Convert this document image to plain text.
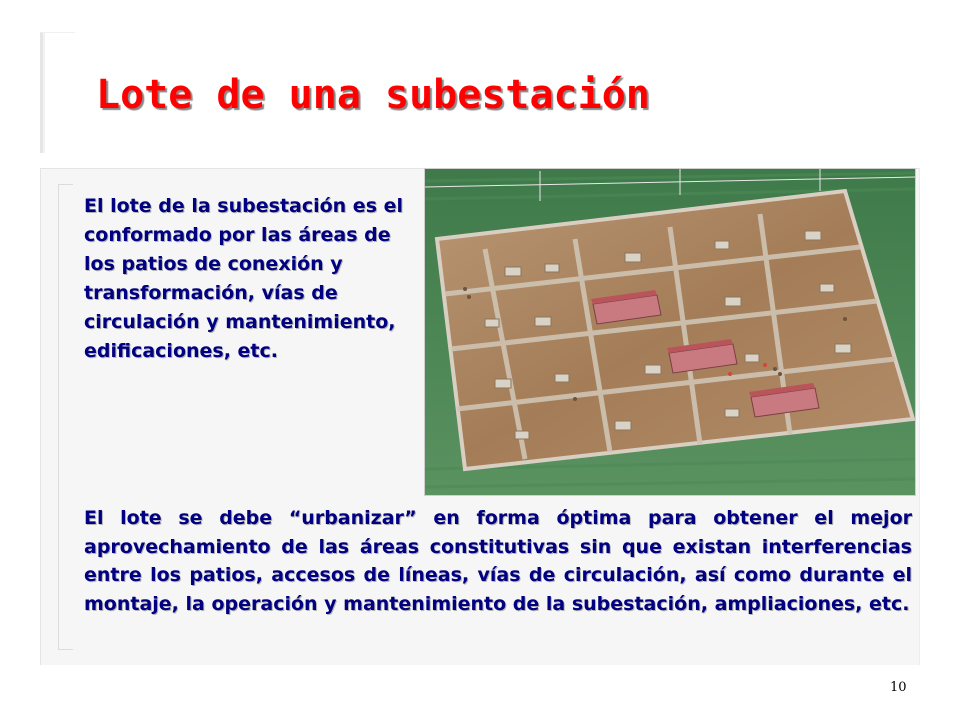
Lote de una subestación

El lote de la subestación es el conformado por las áreas de los patios de conexión y transformación, vías de circulación y mantenimiento, edificaciones, etc.

El lote se debe “urbanizar” en forma óptima para obtener el mejor aprovechamiento de las áreas constitutivas sin que existan interferencias entre los patios, accesos de líneas, vías de circulación, así como durante el montaje, la operación y mantenimiento de la subestación, ampliaciones, etc.

10
